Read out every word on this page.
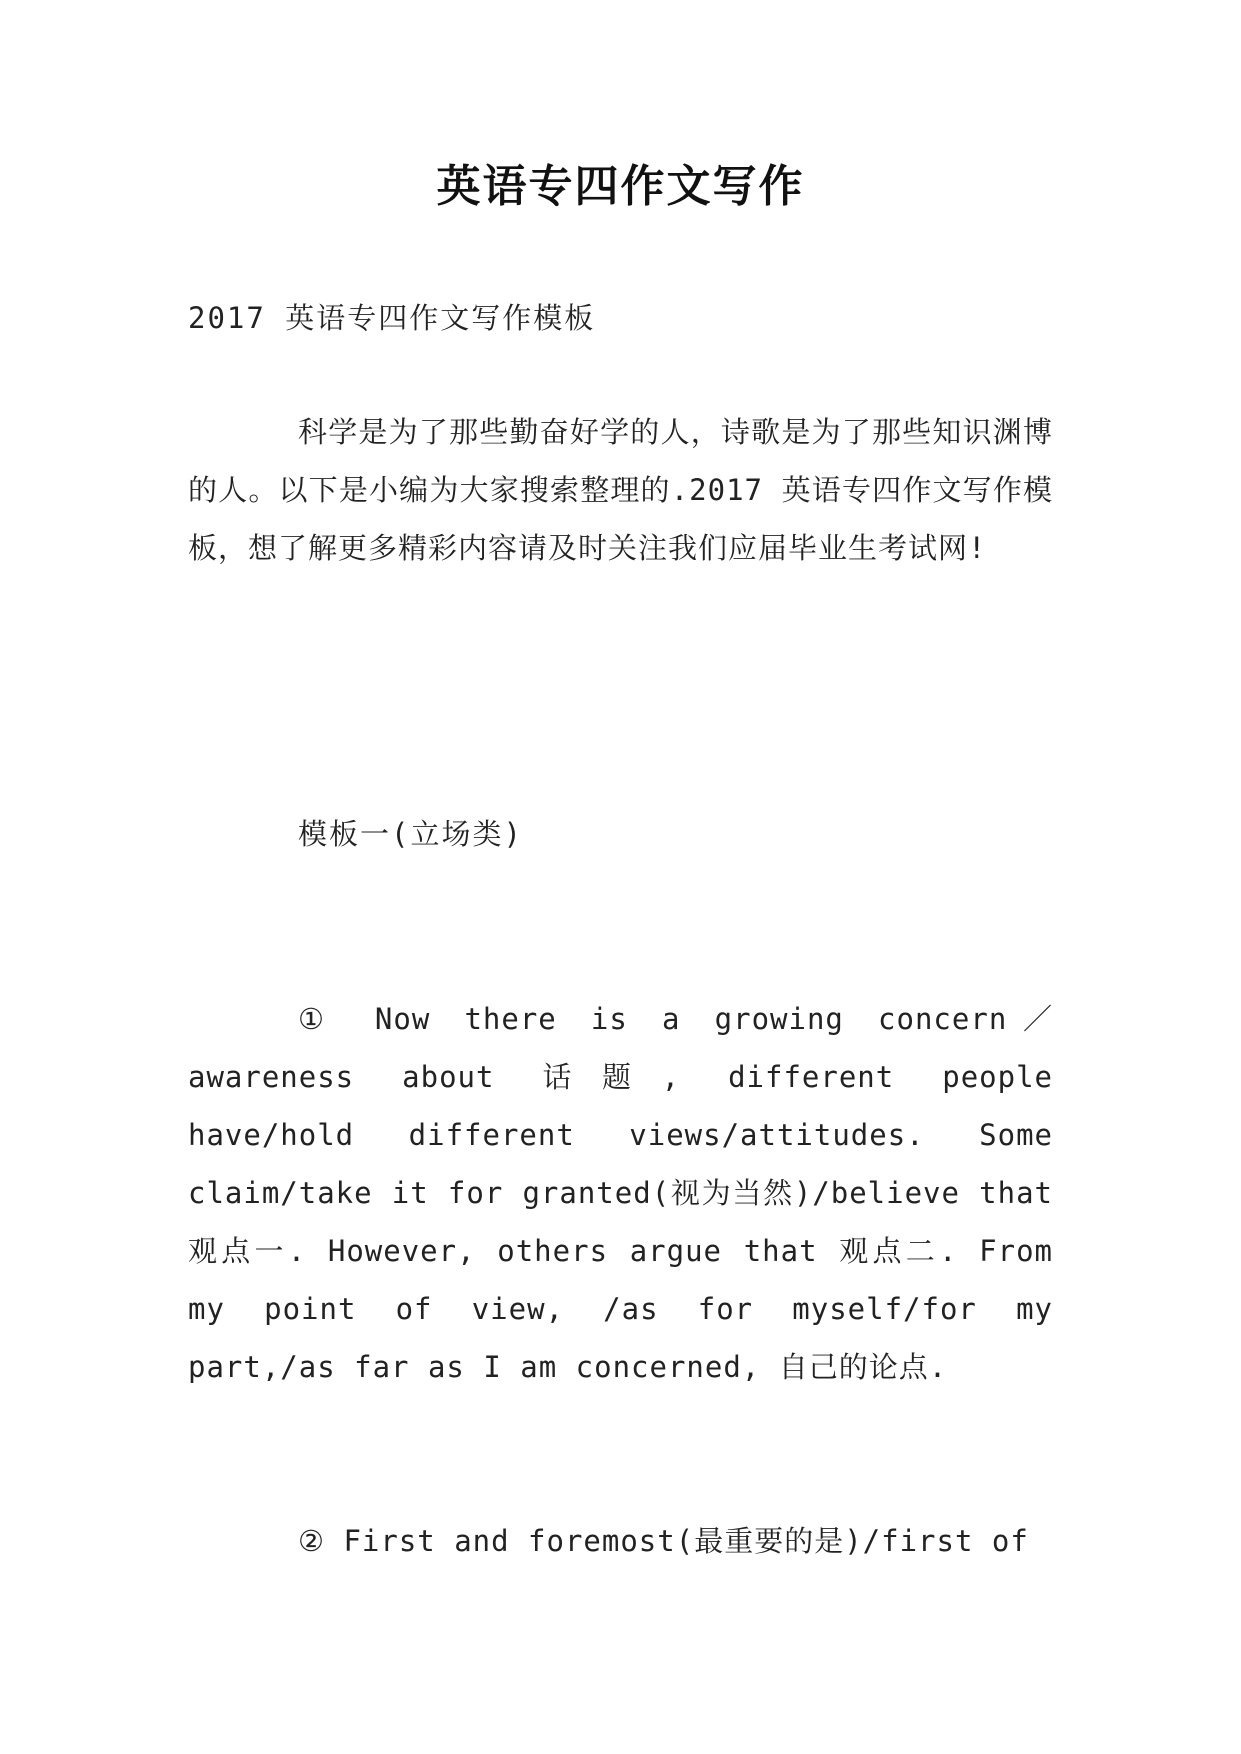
英语专四作文写作
2017 英语专四作文写作模板
科学是为了那些勤奋好学的人，诗歌是为了那些知识渊博的人。以下是小编为大家搜索整理的.2017 英语专四作文写作模板，想了解更多精彩内容请及时关注我们应届毕业生考试网!
模板一(立场类)
① Now there is a growing concern／awareness about 话题, different people have/hold different views/attitudes. Some claim/take it for granted(视为当然)/believe that 观点一. However, others argue that 观点二. From my point of view, /as for myself/for my part,/as far as I am concerned, 自己的论点.
② First and foremost(最重要的是)/first of
